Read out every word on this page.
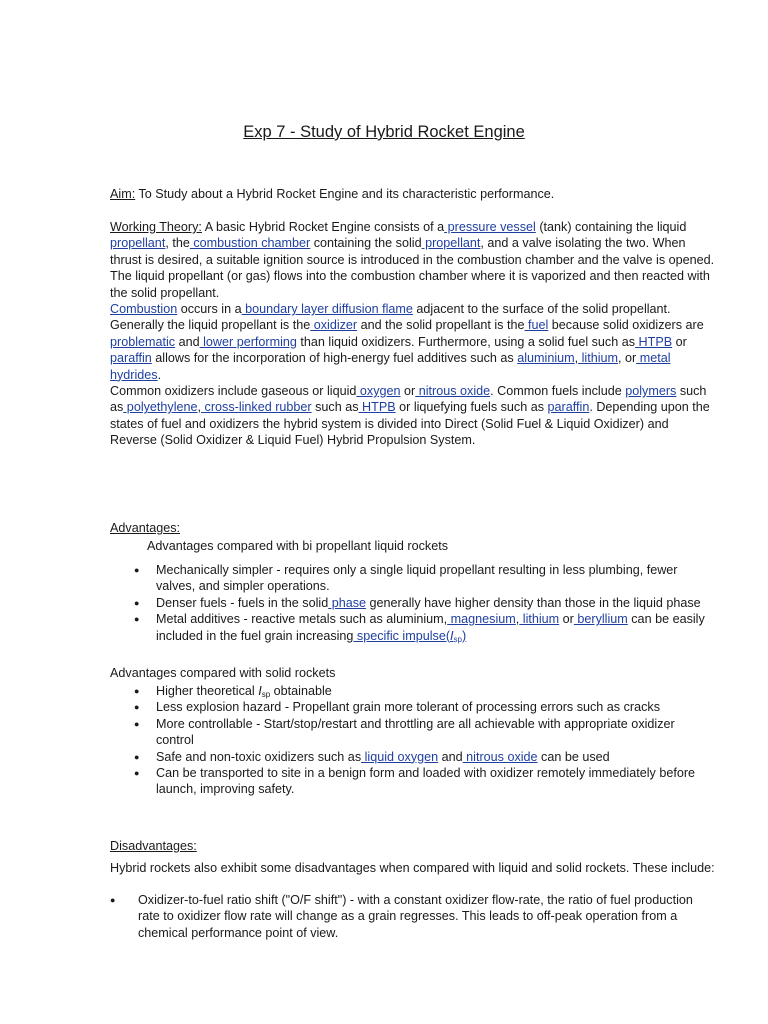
Exp 7 - Study of Hybrid Rocket Engine

Aim: To Study about a Hybrid Rocket Engine and its characteristic performance.

Working Theory: A basic Hybrid Rocket Engine consists of a pressure vessel (tank) containing the liquid propellant, the combustion chamber containing the solid propellant, and a valve isolating the two. When thrust is desired, a suitable ignition source is introduced in the combustion chamber and the valve is opened. The liquid propellant (or gas) flows into the combustion chamber where it is vaporized and then reacted with the solid propellant.
Combustion occurs in a boundary layer diffusion flame adjacent to the surface of the solid propellant.
Generally the liquid propellant is the oxidizer and the solid propellant is the fuel because solid oxidizers are problematic and lower performing than liquid oxidizers. Furthermore, using a solid fuel such as HTPB or paraffin allows for the incorporation of high-energy fuel additives such as aluminium, lithium, or metal hydrides.
Common oxidizers include gaseous or liquid oxygen or nitrous oxide. Common fuels include polymers such as polyethylene, cross-linked rubber such as HTPB or liquefying fuels such as paraffin. Depending upon the states of fuel and oxidizers the hybrid system is divided into Direct (Solid Fuel & Liquid Oxidizer) and Reverse (Solid Oxidizer & Liquid Fuel) Hybrid Propulsion System.

Advantages:

Advantages compared with bi propellant liquid rockets

● Mechanically simpler - requires only a single liquid propellant resulting in less plumbing, fewer valves, and simpler operations.
● Denser fuels - fuels in the solid phase generally have higher density than those in the liquid phase
● Metal additives - reactive metals such as aluminium, magnesium, lithium or beryllium can be easily included in the fuel grain increasing specific $impulse(I_{sp})$

Advantages compared with solid rockets

● Higher theoretical $I_{sp}$ obtainable
● Less explosion hazard - Propellant grain more tolerant of processing errors such as cracks
● More controllable - Start/stop/restart and throttling are all achievable with appropriate oxidizer control
● Safe and non-toxic oxidizers such as liquid oxygen and nitrous oxide can be used
● Can be transported to site in a benign form and loaded with oxidizer remotely immediately before launch, improving safety.

Disadvantages:

Hybrid rockets also exhibit some disadvantages when compared with liquid and solid rockets. These include:

● Oxidizer-to-fuel ratio shift ("O/F shift") - with a constant oxidizer flow-rate, the ratio of fuel production rate to oxidizer flow rate will change as a grain regresses. This leads to off-peak operation from a chemical performance point of view.
